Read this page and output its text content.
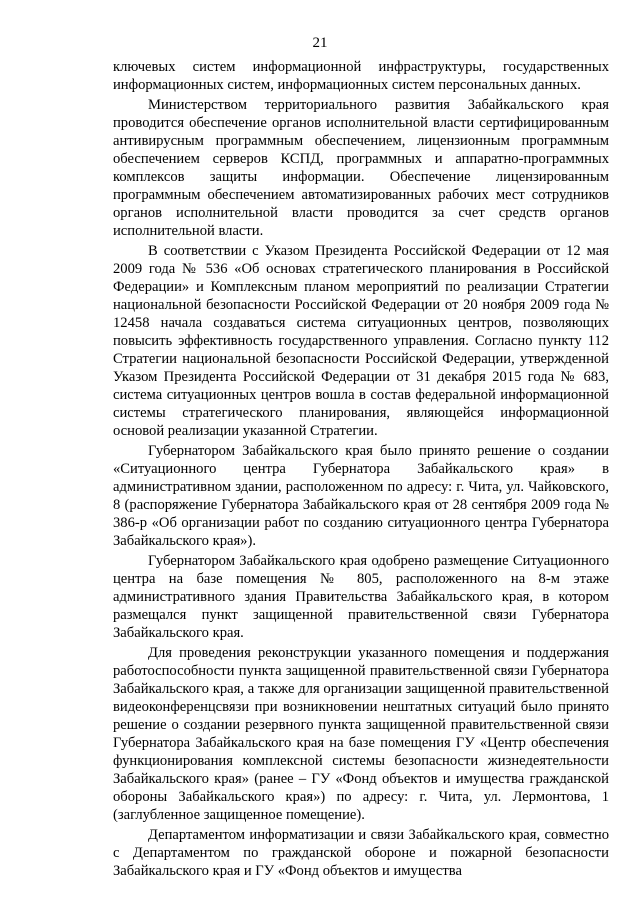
21

ключевых систем информационной инфраструктуры, государственных информационных систем, информационных систем персональных данных.

Министерством территориального развития Забайкальского края проводится обеспечение органов исполнительной власти сертифицированным антивирусным программным обеспечением, лицензионным программным обеспечением серверов КСПД, программных и аппаратно-программных комплексов защиты информации. Обеспечение лицензированным программным обеспечением автоматизированных рабочих мест сотрудников органов исполнительной власти проводится за счет средств органов исполнительной власти.

В соответствии с Указом Президента Российской Федерации от 12 мая 2009 года № 536 «Об основах стратегического планирования в Российской Федерации» и Комплексным планом мероприятий по реализации Стратегии национальной безопасности Российской Федерации от 20 ноября 2009 года № 12458 начала создаваться система ситуационных центров, позволяющих повысить эффективность государственного управления. Согласно пункту 112 Стратегии национальной безопасности Российской Федерации, утвержденной Указом Президента Российской Федерации от 31 декабря 2015 года № 683, система ситуационных центров вошла в состав федеральной информационной системы стратегического планирования, являющейся информационной основой реализации указанной Стратегии.

Губернатором Забайкальского края было принято решение о создании «Ситуационного центра Губернатора Забайкальского края» в административном здании, расположенном по адресу: г. Чита, ул. Чайковского, 8 (распоряжение Губернатора Забайкальского края от 28 сентября 2009 года № 386-р «Об организации работ по созданию ситуационного центра Губернатора Забайкальского края»).

Губернатором Забайкальского края одобрено размещение Ситуационного центра на базе помещения № 805, расположенного на 8-м этаже административного здания Правительства Забайкальского края, в котором размещался пункт защищенной правительственной связи Губернатора Забайкальского края.

Для проведения реконструкции указанного помещения и поддержания работоспособности пункта защищенной правительственной связи Губернатора Забайкальского края, а также для организации защищенной правительственной видеоконференцсвязи при возникновении нештатных ситуаций было принято решение о создании резервного пункта защищенной правительственной связи Губернатора Забайкальского края на базе помещения ГУ «Центр обеспечения функционирования комплексной системы безопасности жизнедеятельности Забайкальского края» (ранее – ГУ «Фонд объектов и имущества гражданской обороны Забайкальского края») по адресу: г. Чита, ул. Лермонтова, 1 (заглубленное защищенное помещение).

Департаментом информатизации и связи Забайкальского края, совместно с Департаментом по гражданской обороне и пожарной безопасности Забайкальского края и ГУ «Фонд объектов и имущества
